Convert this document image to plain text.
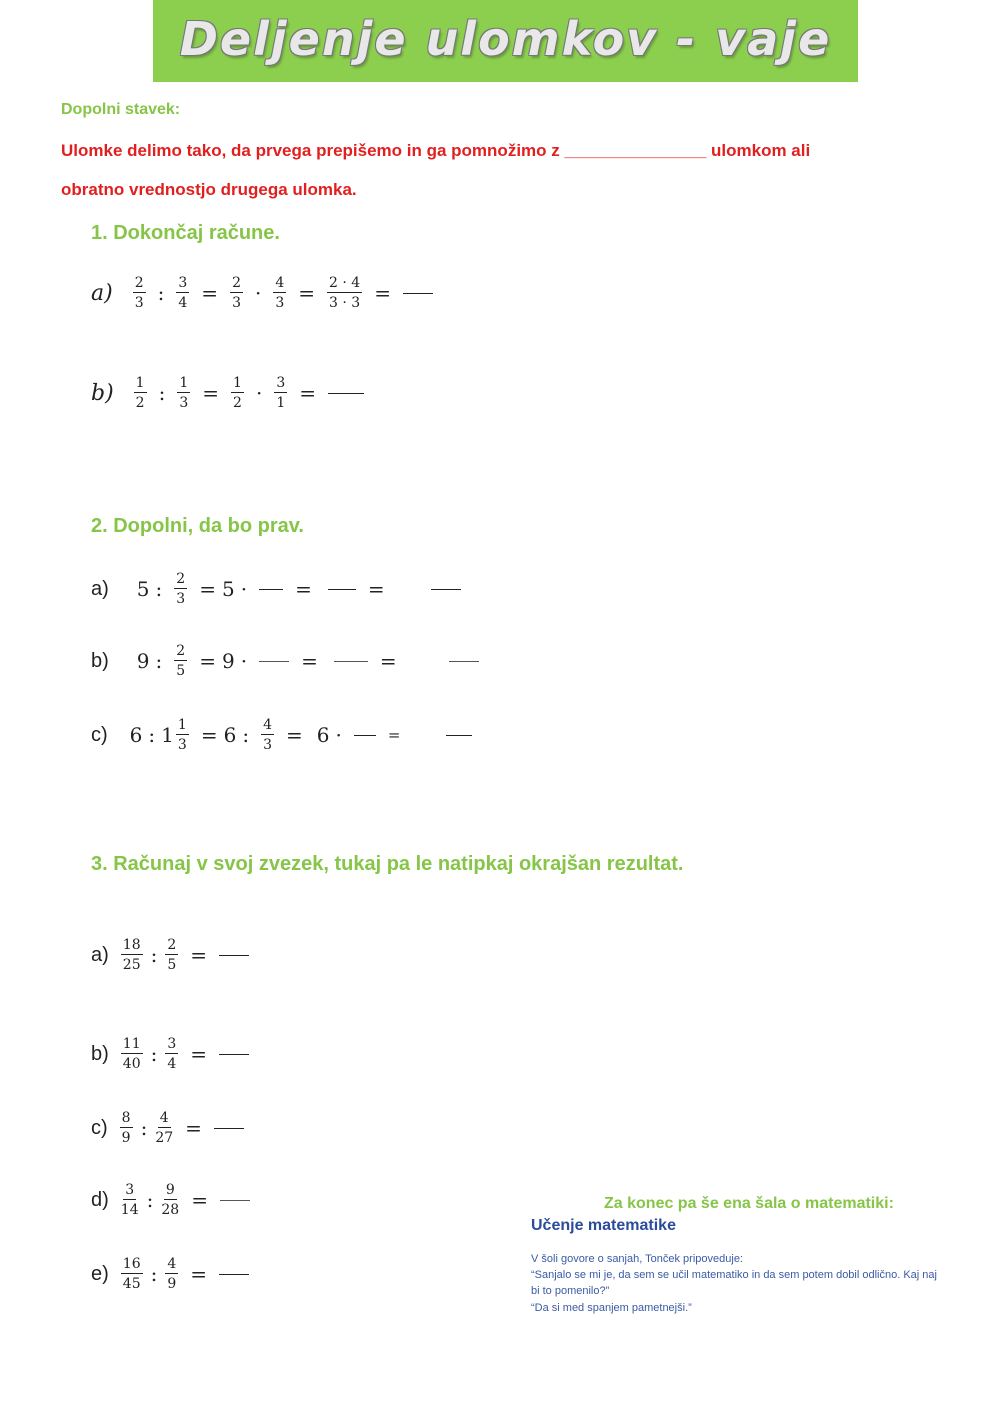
Deljenje ulomkov - vaje
Dopolni stavek:
Ulomke delimo tako, da prvega prepišemo in ga pomnožimo z _______________ ulomkom ali
obratno vrednostjo drugega ulomka.
1. Dokončaj račune.
$a) \frac{2}{3}$ : $\frac{3}{4} = \frac{2}{3} \cdot \frac{4}{3} = \frac{2 \cdot 4}{3 \cdot 3}$ =
$b) \frac{1}{2}$ : $\frac{1}{3} = \frac{1}{2} \cdot \frac{3}{1}$ =
2. Dopolni, da bo prav.
a) 5 : $\frac{2}{3} = 5$ · =	=
b) 9 : $\frac{2}{5} = 9$ ·	=	=
c) 6 : $1 \frac{1}{3} = 6$ : $\frac{4}{3} = 6$ ·	=
3. Računaj v svoj zvezek, tukaj pa le natipkaj okrajšan rezultat.
$a) \frac{18}{25}$ : $\frac{2}{5}$ =
$b) \frac{11}{40}$ : $\frac{3}{4}$ =
$c) \frac{8}{9}$ : $\frac{4}{27}$ =
$d) \frac{3}{14}$ : $\frac{9}{28}$ =
$e) \frac{16}{45}$ : $\frac{4}{9}$ =
Za konec pa še ena šala o matematiki:
Učenje matematike
V šoli govore o sanjah, Tonček pripoveduje:
“Sanjalo se mi je, da sem se učil matematiko in da sem potem dobil odlično. Kaj naj
bi to pomenilo?”
“Da si med spanjem pametnejši.”
